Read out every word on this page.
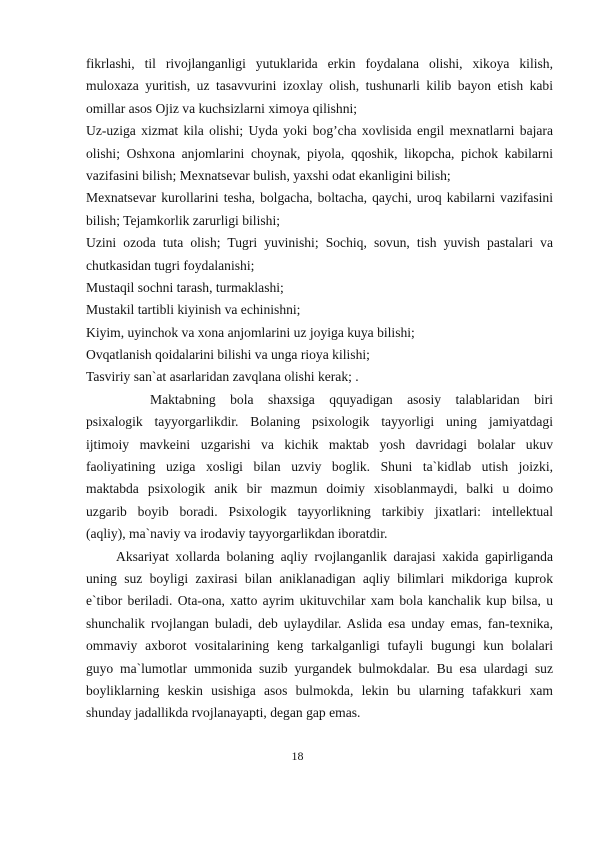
fikrlashi, til rivojlanganligi yutuklarida erkin foydalana olishi, xikoya kilish,
muloxaza yuritish, uz tasavvurini izoxlay olish, tushunarli kilib bayon etish kabi
omillar asos Ojiz va kuchsizlarni ximoya qilishni;
Uz-uziga xizmat kila olishi; Uyda yoki bog’cha xovlisida engil mexnatlarni bajara
olishi; Oshxona anjomlarini choynak, piyola, qqoshik, likopcha, pichok kabilarni
vazifasini bilish; Mexnatsevar bulish, yaxshi odat ekanligini bilish;
Mexnatsevar kurollarini tesha, bolgacha, boltacha, qaychi, uroq kabilarni vazifasini
bilish; Tejamkorlik zarurligi bilishi;
Uzini ozoda tuta olish; Tugri yuvinishi; Sochiq, sovun, tish yuvish pastalari va
chutkasidan tugri foydalanishi;
Mustaqil sochni tarash, turmaklashi;
Mustakil tartibli kiyinish va echinishni;
Kiyim, uyinchok va xona anjomlarini uz joyiga kuya bilishi;
Ovqatlanish qoidalarini bilishi va unga rioya kilishi;
Tasviriy san`at asarlaridan zavqlana olishi kerak; .
Maktabning bola shaxsiga qquyadigan asosiy talablaridan biri
psixalogik tayyorgarlikdir. Bolaning psixologik tayyorligi uning jamiyatdagi
ijtimoiy mavkeini uzgarishi va kichik maktab yosh davridagi bolalar ukuv
faoliyatining uziga xosligi bilan uzviy boglik. Shuni ta`kidlab utish joizki,
maktabda psixologik anik bir mazmun doimiy xisoblanmaydi, balki u doimo
uzgarib boyib boradi. Psixologik tayyorlikning tarkibiy jixatlari: intellektual
(aqliy), ma`naviy va irodaviy tayyorgarlikdan iboratdir.
Aksariyat xollarda bolaning aqliy rvojlanganlik darajasi xakida gapirliganda
uning suz boyligi zaxirasi bilan aniklanadigan aqliy bilimlari mikdoriga kuprok
e`tibor beriladi. Ota-ona, xatto ayrim ukituvchilar xam bola kanchalik kup bilsa, u
shunchalik rvojlangan buladi, deb uylaydilar. Aslida esa unday emas, fan-texnika,
ommaviy axborot vositalarining keng tarkalganligi tufayli bugungi kun bolalari
guyo ma`lumotlar ummonida suzib yurgandek bulmokdalar. Bu esa ulardagi suz
boyliklarning keskin usishiga asos bulmokda, lekin bu ularning tafakkuri xam
shunday jadallikda rvojlanayapti, degan gap emas.
18
